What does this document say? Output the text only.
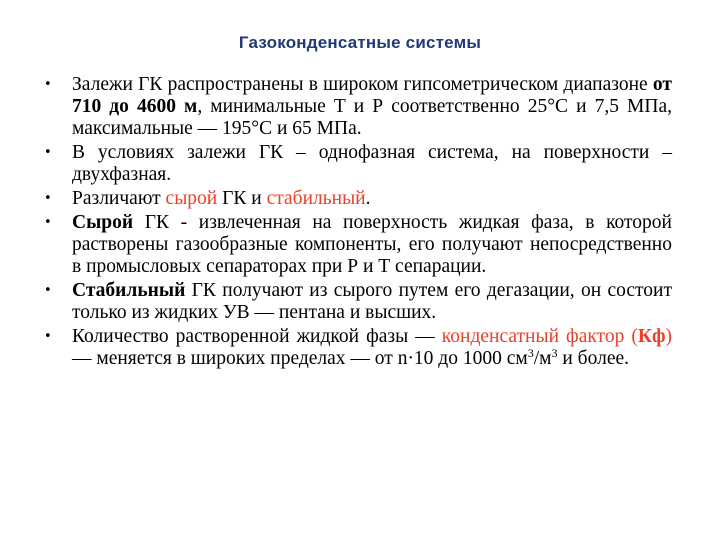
Газоконденсатные системы
• Залежи ГК распространены в широком гипсометрическом диапазоне от 710 до 4600 м, минимальные Т и Р соответственно 25°С и 7,5 МПа, максимальные — 195°С и 65 МПа.
• В условиях залежи ГК – однофазная система, на поверхности – двухфазная.
• Различают сырой ГК и стабильный.
• Сырой ГК - извлеченная на поверхность жидкая фаза, в которой растворены газообразные компоненты, его получают непосредственно в промысловых сепараторах при Р и Т сепарации.
• Стабильный ГК получают из сырого путем его дегазации, он состоит только из жидких УВ — пентана и высших.
• Количество растворенной жидкой фазы — конденсатный фактор (Кф) — меняется в широких пределах — от n·10 до 1000 $см^3/м^3$ и более.
